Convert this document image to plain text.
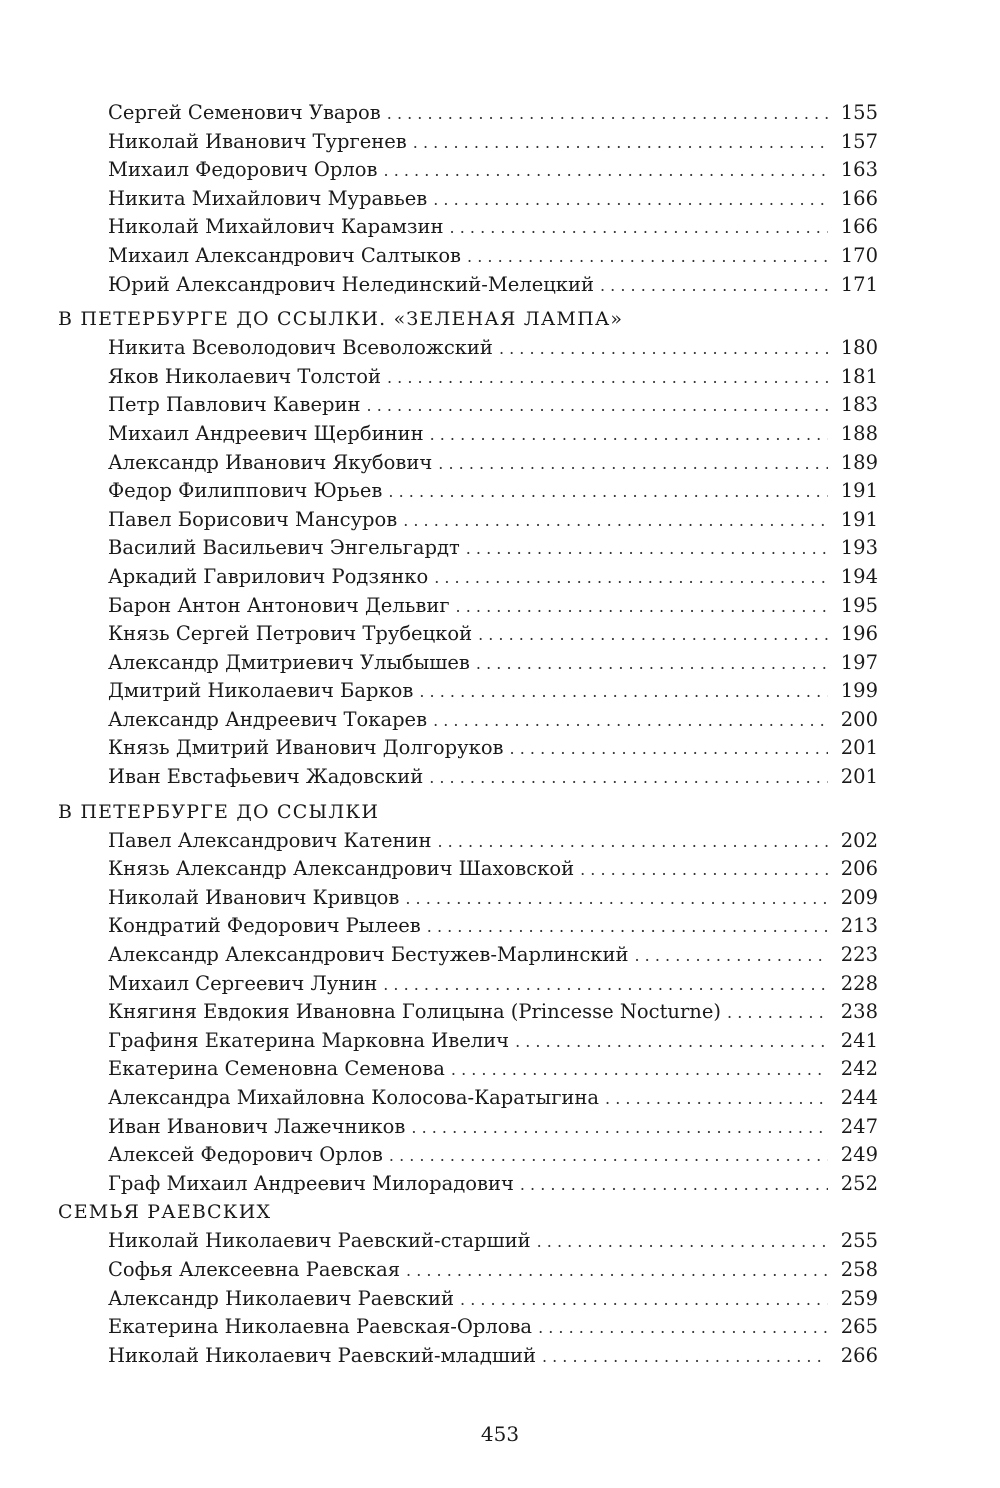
Сергей Семенович Уваров . . .	155
Николай Иванович Тургенев . . .	157
Михаил Федорович Орлов . . .	163
Никита Михайлович Муравьев . . .	166
Николай Михайлович Карамзин . . .	166
Михаил Александрович Салтыков . . .	170
Юрий Александрович Нелединский-Мелецкий . . .	171
В ПЕТЕРБУРГЕ ДО ССЫЛКИ. «ЗЕЛЕНАЯ ЛАМПА»
Никита Всеволодович Всеволожский . . .	180
Яков Николаевич Толстой . . .	181
Петр Павлович Каверин . . .	183
Михаил Андреевич Щербинин . . .	188
Александр Иванович Якубович . . .	189
Федор Филиппович Юрьев . . .	191
Павел Борисович Мансуров . . .	191
Василий Васильевич Энгельгардт . . .	193
Аркадий Гаврилович Родзянко . . .	194
Барон Антон Антонович Дельвиг . . .	195
Князь Сергей Петрович Трубецкой . . .	196
Александр Дмитриевич Улыбышев . . .	197
Дмитрий Николаевич Барков . . .	199
Александр Андреевич Токарев . . .	200
Князь Дмитрий Иванович Долгоруков . . .	201
Иван Евстафьевич Жадовский . . .	201
В ПЕТЕРБУРГЕ ДО ССЫЛКИ
Павел Александрович Катенин . . .	202
Князь Александр Александрович Шаховской . . .	206
Николай Иванович Кривцов . . .	209
Кондратий Федорович Рылеев . . .	213
Александр Александрович Бестужев-Марлинский . . .	223
Михаил Сергеевич Лунин . . .	228
Княгиня Евдокия Ивановна Голицына (Princesse Nocturne) . . .	238
Графиня Екатерина Марковна Ивелич . . .	241
Екатерина Семеновна Семенова . . .	242
Александра Михайловна Колосова-Каратыгина . . .	244
Иван Иванович Лажечников . . .	247
Алексей Федорович Орлов . . .	249
Граф Михаил Андреевич Милорадович . . .	252
СЕМЬЯ РАЕВСКИХ
Николай Николаевич Раевский-старший . . .	255
Софья Алексеевна Раевская . . .	258
Александр Николаевич Раевский . . .	259
Екатерина Николаевна Раевская-Орлова . . .	265
Николай Николаевич Раевский-младший . . .	266
453
